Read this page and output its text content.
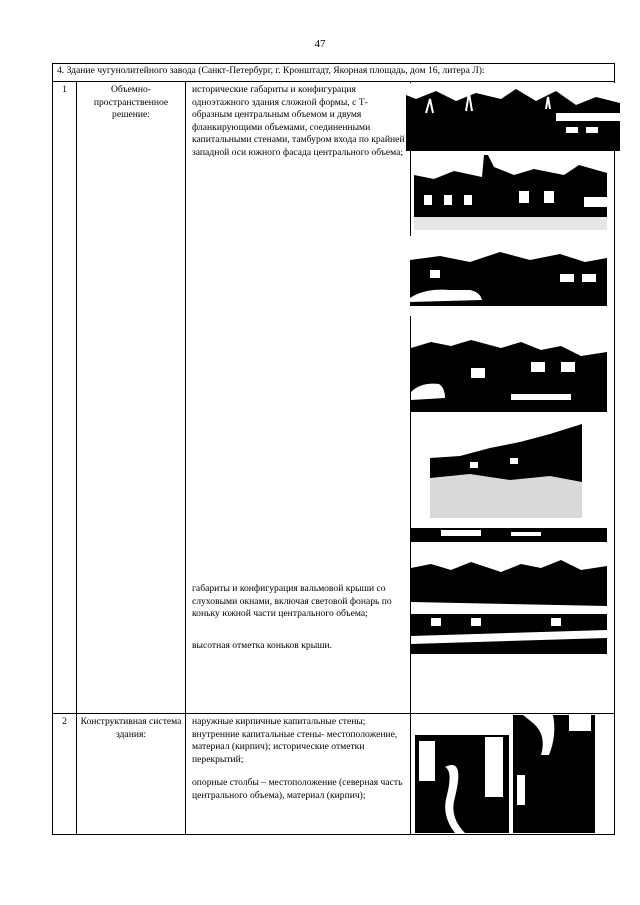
47
4. Здание чугунолитейного завода (Санкт-Петербург, г. Кронштадт, Якорная площадь, дом 16, литера Л):			
1	Объемно-пространственное решение:	исторические габариты и конфигурация одноэтажного здания сложной формы, с Т-образным центральным объемом и двумя фланкирующими объемами, соединенными капитальными стенами, тамбуром входа по крайней западной оси южного фасада центрального объема;
габариты и конфигурация вальмовой крыши со слуховыми окнами, включая световой фонарь по коньку южной части центрального объема;
высотная отметка коньков крыши.

2	Конструктивная система здания:	наружные кирпичные капитальные стены; внутренние капитальные стены- местоположение, материал (кирпич); исторические отметки перекрытий;
опорные столбы – местоположение (северная часть центрального объема), материал (кирпич);
